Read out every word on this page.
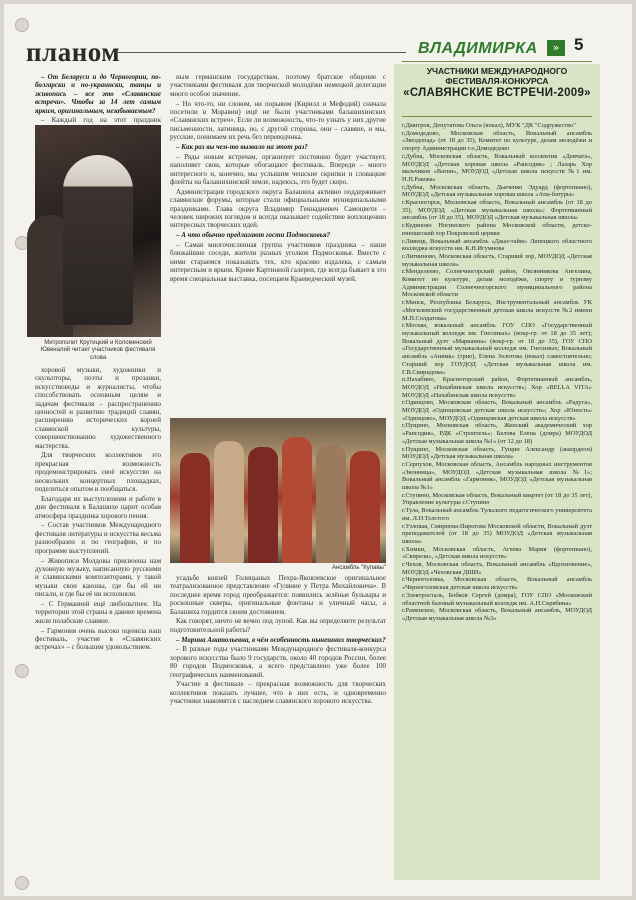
планом	ВЛАДИМИРКА	» 5

– От Беларуси и до Черногории, по-болгарски и по-украински, танцы и живопись – все это «Славянские встречи». Чтобы за 14 лет самым ярким, оригинальным, незабываемым?

– Каждый год на этот праздник

Митрополит Крутицкий и Коломенский Ювеналий читает участников фестиваля слова

хоровой музыки, художники и скульпторы, поэты и прозаики, искусствоведы и журналисты, чтобы способствовать основным целям и задачам фестиваля – распространению ценностей и развитию традиций славян, расширению исторических корней славянской культуры, совершенствованию художественного мастерства.

Для творческих коллективов это прекрасная возможность продемонстрировать своё искусство на нескольких концертных площадках, поделиться опытом и пообщаться.

Благодаря их выступлениям и работе в дни фестиваля в Балашихе царит особая атмосфера праздника хорового пения.

– Состав участников Международного фестиваля литературы и искусства весьма разнообразен и по географии, и по программе выступлений.

– Живописи Молдовы присвоены нам духовную музыку, написанную русскими и славянскими композиторами, у такой музыки свои каноны, где бы ей ни писали, и где бы её ни исполняли.

– С Германией ещё любопытнее. На территории этой страны в давние времена жили полабские славяне.

– Гармония очень высоко оценила наш фестиваль, участие в «Славянских встречах» – с большим удовольствием.

ным германским государствам, поэтому братское общение с участниками фестиваля для творческой молодёжи немецкой делегации много особое значение.

– Но что-то, ни словом, ни порывом (Кирилл и Мефодий) сначала посетили в Моравии) ещё не были участниками балашихинских «Славянских встреч». Если ли возможность, что-то узнать у них другие письменности, латиница, но, с другой стороны, они – славяне, и мы, русские, понимаем их речь без переводчика.

– Как раз вы чем-то вызвало на этот раз?

– Ряды новым встречам, организует постоянно будет участвует, наполняет свои, которые обогащают фестиваль. Впереди – много интересного и, конечно, мы услышим чешские скрипки и словацкие флейты на балашихинской земле, надеюсь, это будет скоро.

Администрация городского округа Балашиха активно поддерживает славянские форумы, которые стали официальными муниципальными праздниками. Глава округа Владимир Геннадиевич Самоцвети – человек широких взглядов и всегда оказывает содействие воплощению интересных творческих идей.

– А что обычно предлагают гости Подмосковья?

– Самая многочисленная группа участников праздника – наши ближайшие соседи, жители разных уголков Подмосковья. Вместе с ними стараемся показывать тех, кто красиво издалека, с самым интересным и ярким. Кроме Картинной галереи, где всегда бывает в это время специальная выставка, посещаем Краеведческий музей.

Ансамбль "Купавы"

усадьбе князей Голицыных Пехра-Яковлевское оригинальное театрализованное представление «Гуляние у Петра Михайловича». В последнее время город преображается: появились зелёные бульвары и роскошные скверы, оригинальные фонтаны и уличный часы, а Балашиха гордится своим достоянием.

Как говорят, ничто не вечно под луной. Как вы определяете результат подготовительной работы?

– Марина Анатольевна, в чём особенность нынешних творческих?

– В разные годы участниками Международного фестиваля-конкурса хорового искусства было 9 государств, около 40 городов России, более 80 городов Подмосковья, а всего представлено уже более 100 географических наименований.

Участие в фестивале – прекрасная возможность для творческих коллективов показать лучшее, что в них есть, и одновременно участники знакомятся с наследием славянского хорового искусства.

УЧАСТНИКИ МЕЖДУНАРОДНОГО ФЕСТИВАЛЯ-КОНКУРСА
«СЛАВЯНСКИЕ ВСТРЕЧИ-2009»

г.Дмитров, Депутатова Ольга (вокал), МУК "ДК "Содружество"

г.Домодедово, Московская область, Вокальный ансамбль «Звездопад» (от 18 до 35), Комитет по культуре, делам молодёжи и спорту Администрации г.о.Домодедово

г.Дубна, Московская область, Вокальный коллектив «Девчата», МОУДОД «Детская хоровая школа «Рапсодия» ; Лазарь Хор мальчиков «Ватни», МОУДОД «Детская школа искусств №1 им. Н.П.Ракова»

г.Дубна, Московская область, Дьяченко Эдуард (фортепиано), МОУДОД «Детская музыкальная хоровая школа «Аты-батуры»

г.Красногорск, Московская область, Вокальный ансамбль (от 18 до 35), МОУДОД «Детская музыкальная школа»; Фортепианный ансамбль (от 18 до 35), МОУДОД «Детская музыкальная школа»

г.Кудиново Ногинского района Московской области, детско-юношеский хор Покровской церкви

г.Ливецк, Вокальный ансамбль «Джаз-тайм» Липецкого областного колледжа искусств им. К.Н.Игумнова

г.Литвиново, Московская область, Старший хор, МОУДОД «Детская музыкальная школа»

г.Менделеево, Солнечногорский район, Овсянникова Ангелина, Комитет по культуре, делам молодёжи, спорту и туризму Администрации Солнечногорского муниципального района Московской области

г.Минск, Республика Беларусь, Инструментальный ансамбль УК «Могилевский государственный детская школа искусств №2 имени М.П.Солдатова»

г.Москва, вокальный ансамбль ГОУ СПО «Государственный музыкальный колледж им. Гнесиных» (вокр-гр. от 18 до 35 лет); Вокальный дуэт «Марианна» (вокр-гр. от 18 до 35), ГОУ СПО «Государственный музыкальный колледж им. Гнесиных; Вокальный ансамбль «Анима» (трио), Елена Золотова (вокал) самостоятельно; Старший хор ГОУДОД «Детская музыкальная школа им. Г.В.Свиридова»

п.Нахабино, Красногорский район, Фортепианный ансамбль, МОУДОД «Нахабинская школа искусств»; Хор «BELLA VITA» МОУДОД «Нахабинская школа искусств»

г.Одинцово, Московская область, Вокальный ансамбль «Радуга», МОУДОД «Одинцовская детская школа искусств»; Хор «Юность» «Одинцово», МОУДОД «Одинцовская детская школа искусств»

г.Пущино, Московская область, Женский академический хор «Рапсодия», РДК «Строитель»; Белова Елена (домра) МОУДОД «Детская музыкальная школа №1» (от 12 до 18)

г.Пущино, Московская область, Гущин Александр (аккордеон) МОУДОД «Детская музыкальная школа»

г.Серпухов, Московская область, Ансамбль народных инструментов «Звонница», МОУДОД «Детская музыкальная школа №1»; Вокальный ансамбль «Гармония», МОУДОД «Детская музыкальная школа №1»

г.Ступино, Московская область, Вокальный квартет (от 18 до 35 лет), Управление культуры г.Ступино

г.Тула, Вокальный ансамбль Тульского педагогического университета им. Л.Н.Толстого

г.Узловая, Смирнова-Пирогова Московской области, Вокальный дуэт преподавателей (от 18 до 35) МОУДОД «Детская музыкальная школа»

г.Химки, Московская область, Агеева Мария (фортепиано), «Свирели», «Детская школа искусств»

г.Чехов, Московская область, Вокальный ансамбль «Вдохновение», МОУДОД «Чеховская ДШИ»

г.Черноголовка, Московская область, Вокальный ансамбль «Черноголовская детская школа искусств»

г.Электросталь, Бобков Сергей (домра), ГОУ СПО «Московский областной базовый музыкальный колледж им. А.Н.Скрябина»

г.Раменское, Московская область, Вокальный ансамбль, МОУДОД «Детская музыкальная школа №3»
